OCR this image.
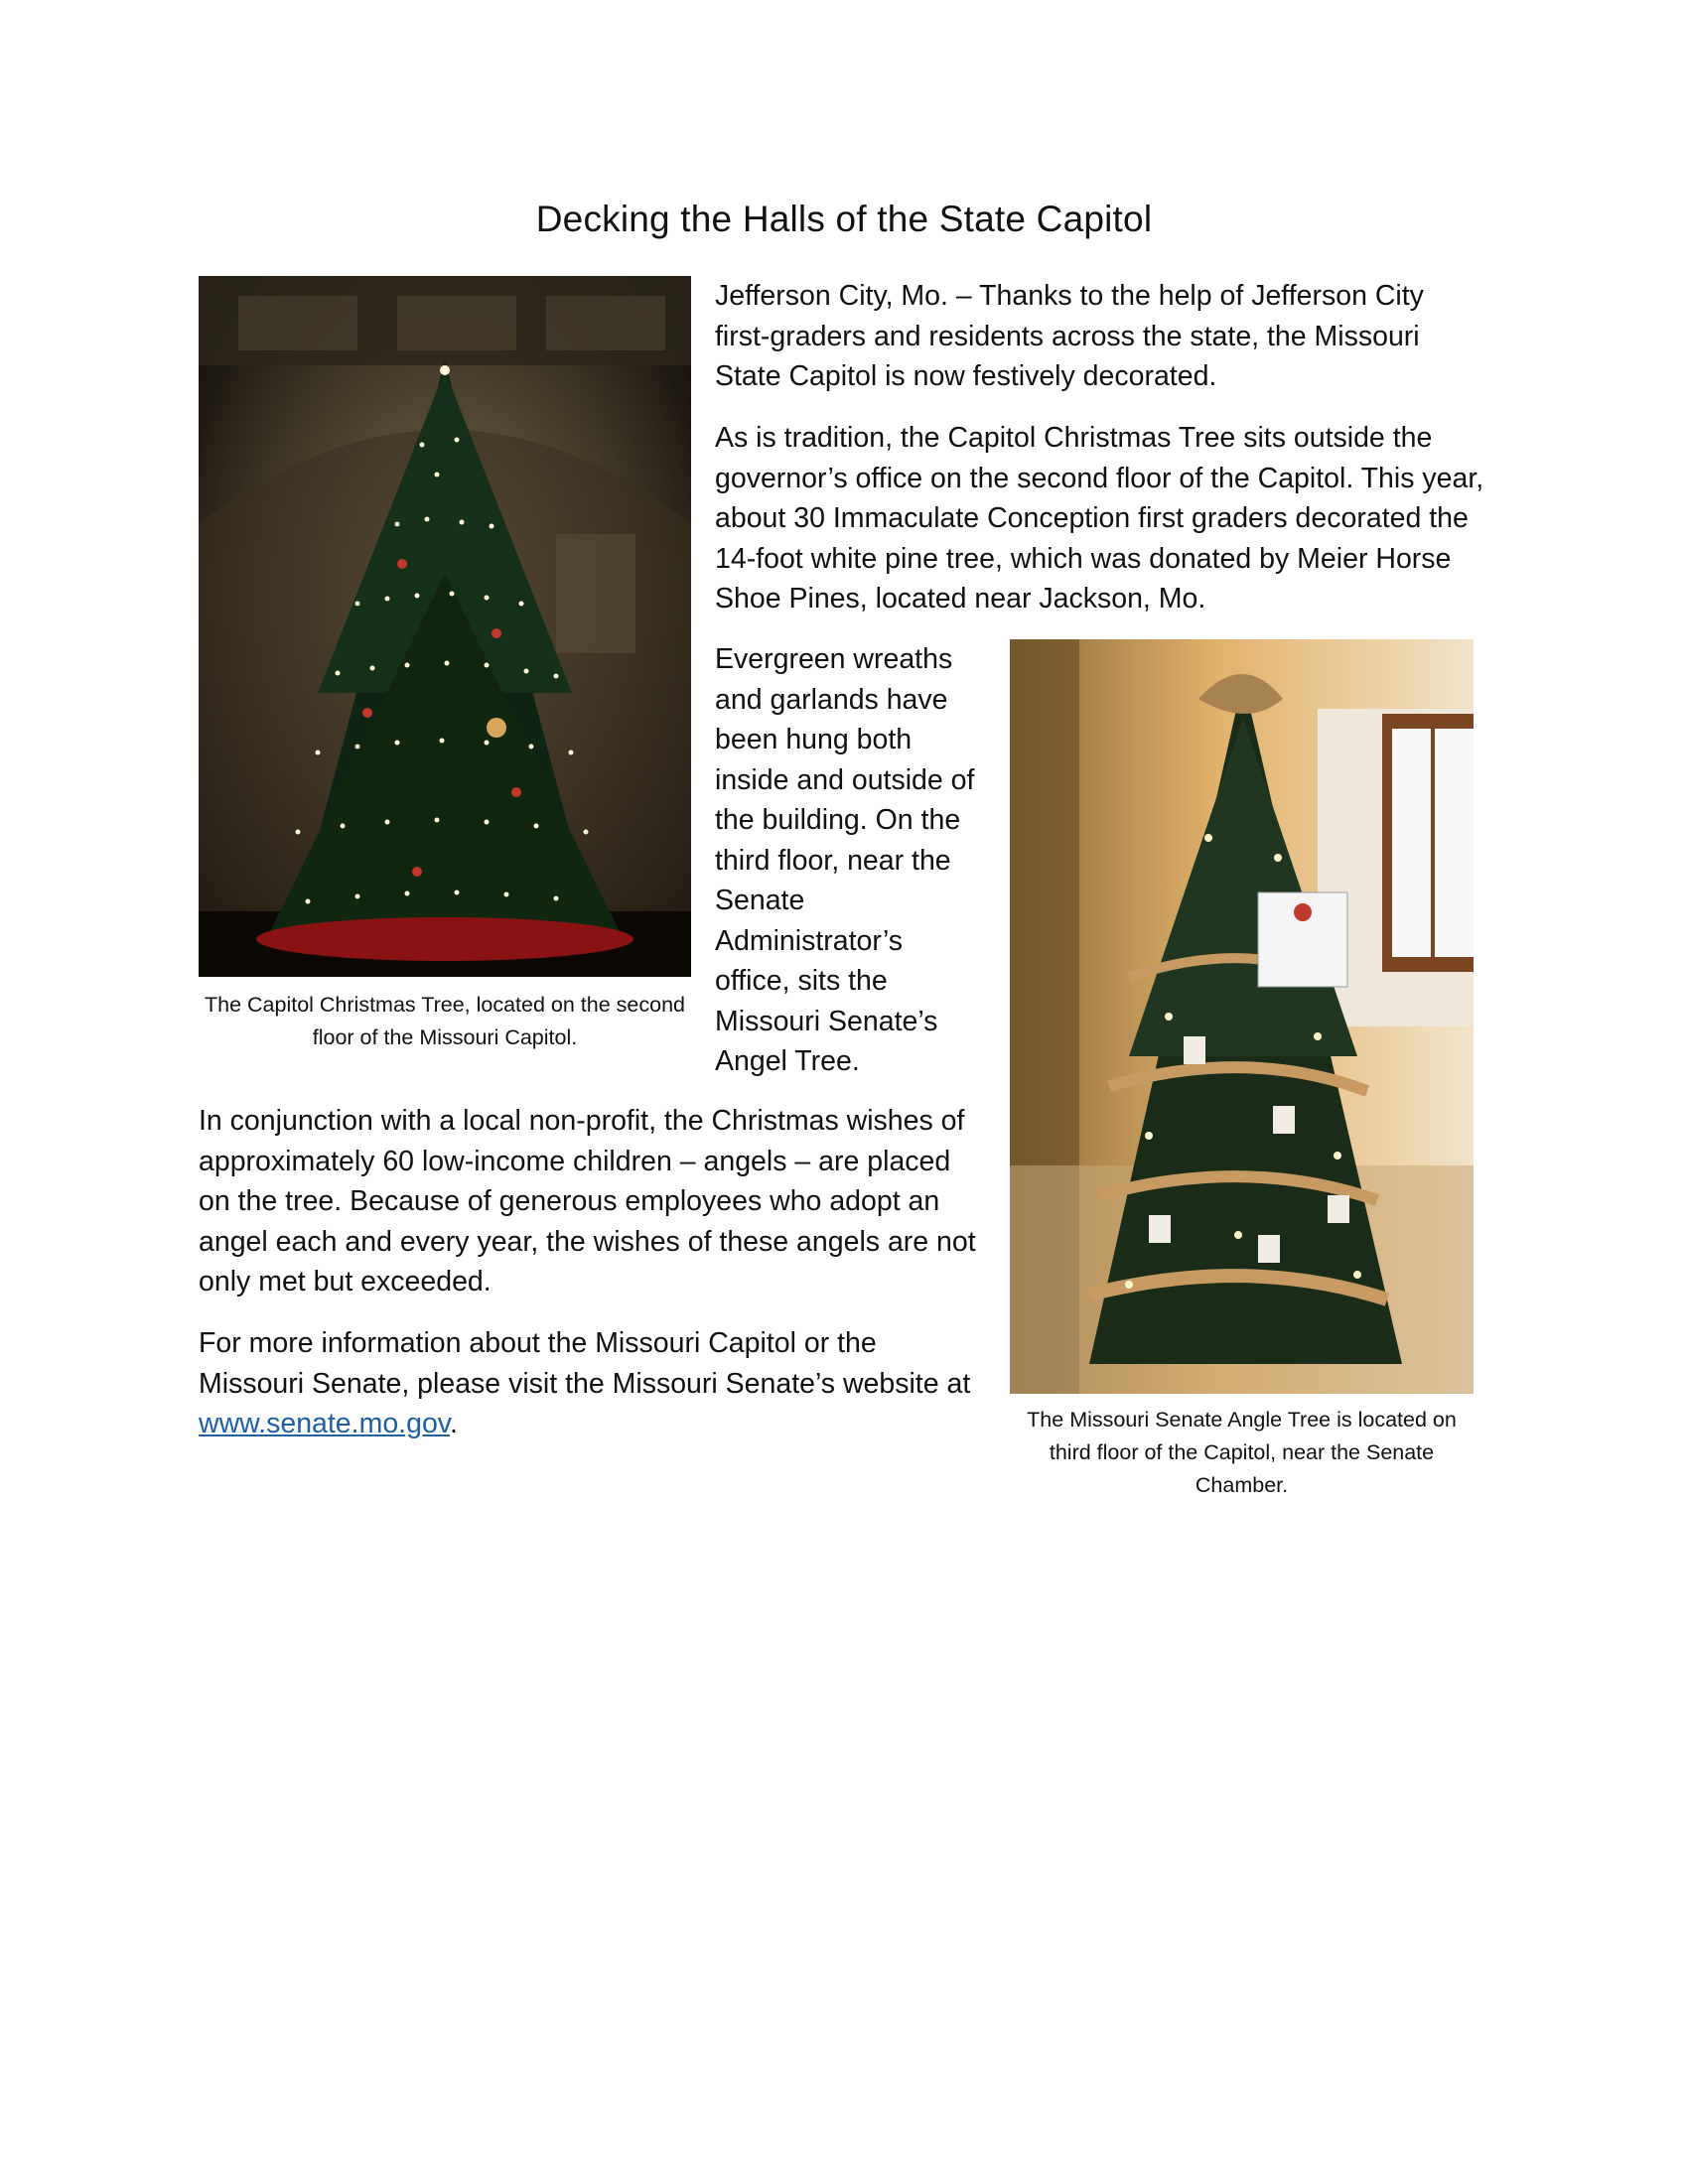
Decking the Halls of the State Capitol

The Capitol Christmas Tree, located on the second floor of the Missouri Capitol.

The Missouri Senate Angle Tree is located on third floor of the Capitol, near the Senate Chamber.

Jefferson City, Mo. – Thanks to the help of Jefferson City first-graders and residents across the state, the Missouri State Capitol is now festively decorated.

As is tradition, the Capitol Christmas Tree sits outside the governor’s office on the second floor of the Capitol. This year, about 30 Immaculate Conception first graders decorated the 14-foot white pine tree, which was donated by Meier Horse Shoe Pines, located near Jackson, Mo.

Evergreen wreaths and garlands have been hung both inside and outside of the building. On the third floor, near the Senate Administrator’s office, sits the Missouri Senate’s Angel Tree.

In conjunction with a local non-profit, the Christmas wishes of approximately 60 low-income children – angels – are placed on the tree. Because of generous employees who adopt an angel each and every year, the wishes of these angels are not only met but exceeded.

For more information about the Missouri Capitol or the Missouri Senate, please visit the Missouri Senate’s website at www.senate.mo.gov.
